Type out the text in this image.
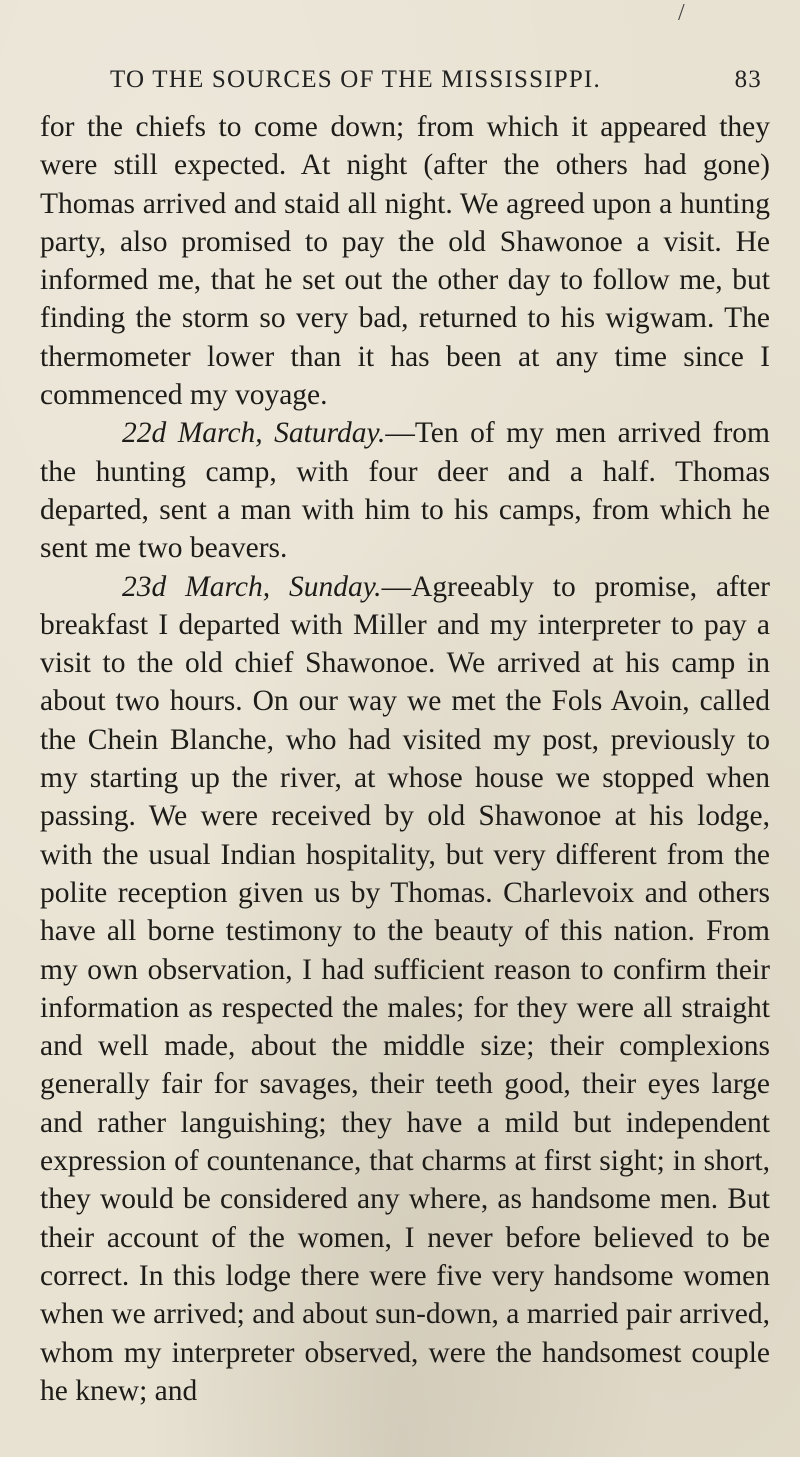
/
TO THE SOURCES OF THE MISSISSIPPI.	83

for the chiefs to come down; from which it appeared they were still expected. At night (after the others had gone) Thomas arrived and staid all night. We agreed upon a hunting party, also promised to pay the old Shawonoe a visit. He informed me, that he set out the other day to follow me, but finding the storm so very bad, returned to his wigwam. The thermometer lower than it has been at any time since I commenced my voyage.

22d March, Saturday.—Ten of my men arrived from the hunting camp, with four deer and a half. Thomas departed, sent a man with him to his camps, from which he sent me two beavers.

23d March, Sunday.—Agreeably to promise, after breakfast I departed with Miller and my interpreter to pay a visit to the old chief Shawonoe. We arrived at his camp in about two hours. On our way we met the Fols Avoin, called the Chein Blanche, who had visited my post, previously to my starting up the river, at whose house we stopped when passing. We were received by old Shawonoe at his lodge, with the usual Indian hospitality, but very different from the polite reception given us by Thomas. Charlevoix and others have all borne testimony to the beauty of this nation. From my own observation, I had sufficient reason to confirm their information as respected the males; for they were all straight and well made, about the middle size; their complexions generally fair for savages, their teeth good, their eyes large and rather languishing; they have a mild but independent expression of countenance, that charms at first sight; in short, they would be considered any where, as handsome men. But their account of the women, I never before believed to be correct. In this lodge there were five very handsome women when we arrived; and about sun-down, a married pair arrived, whom my interpreter observed, were the handsomest couple he knew; and
